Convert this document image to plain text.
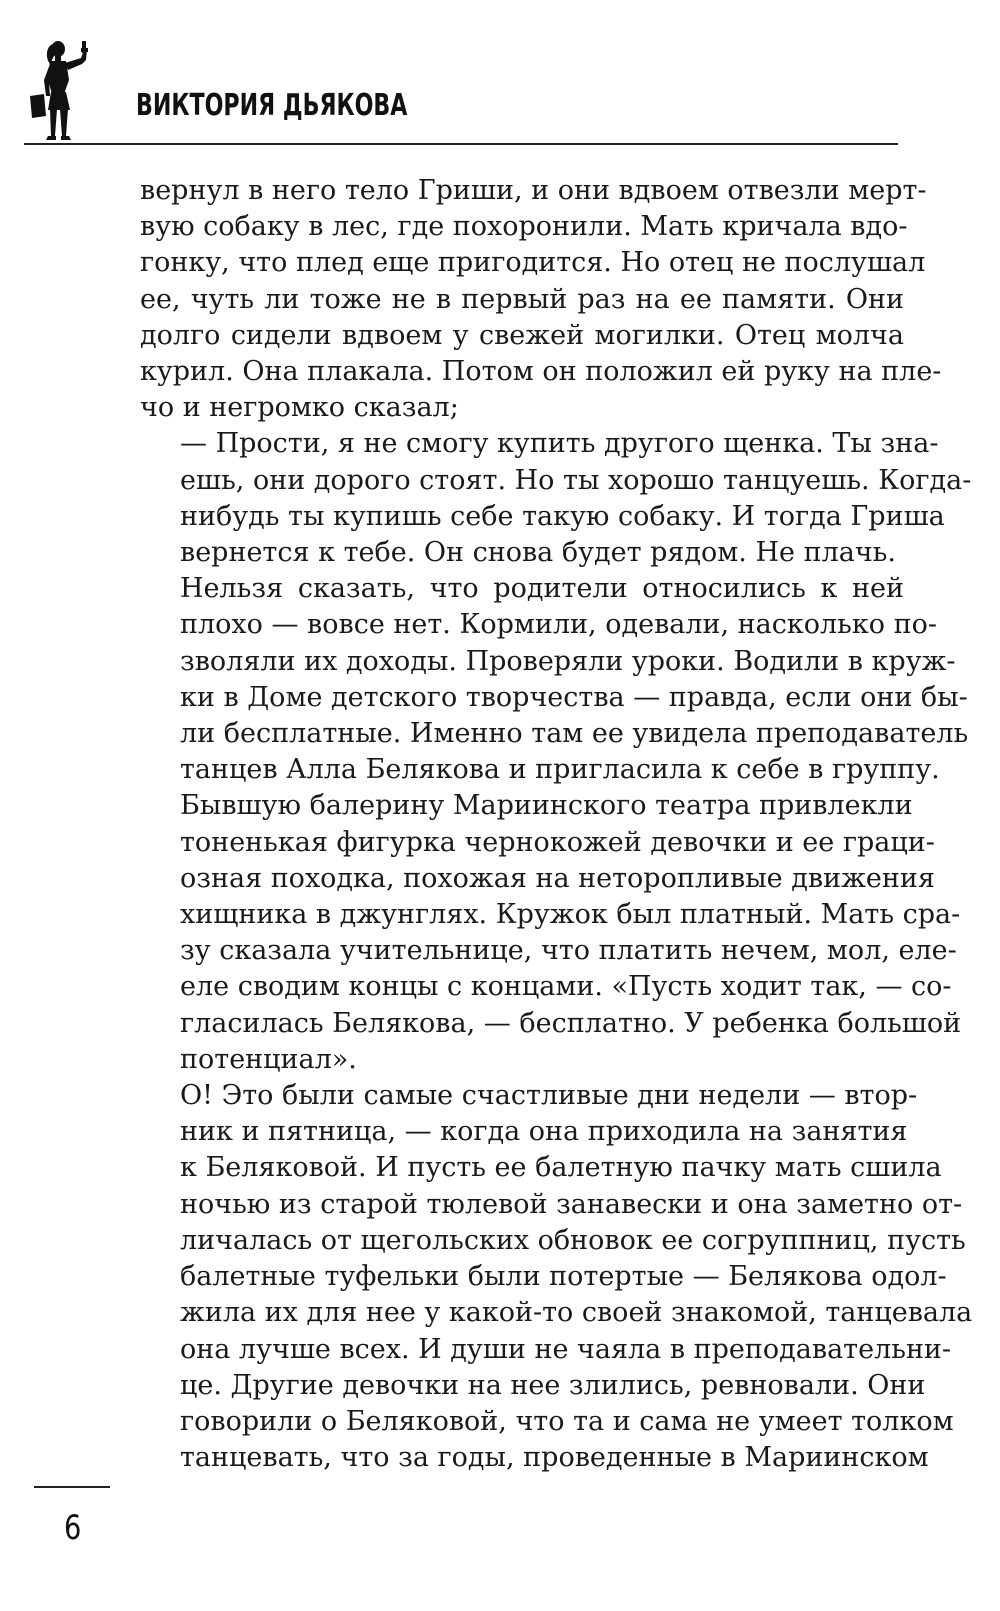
ВИКТОРИЯ ДЬЯКОВА

вернул в него тело Гриши, и они вдвоем отвезли мерт-
вую собаку в лес, где похоронили. Мать кричала вдо-
гонку, что плед еще пригодится. Но отец не послушал
ее, чуть ли тоже не в первый раз на ее памяти. Они
долго сидели вдвоем у свежей могилки. Отец молча
курил. Она плакала. Потом он положил ей руку на пле-
чо и негромко сказал;

— Прости, я не смогу купить другого щенка. Ты зна-
ешь, они дорого стоят. Но ты хорошо танцуешь. Когда-
нибудь ты купишь себе такую собаку. И тогда Гриша
вернется к тебе. Он снова будет рядом. Не плачь.

Нельзя сказать, что родители относились к ней
плохо — вовсе нет. Кормили, одевали, насколько по-
зволяли их доходы. Проверяли уроки. Водили в круж-
ки в Доме детского творчества — правда, если они бы-
ли бесплатные. Именно там ее увидела преподаватель
танцев Алла Белякова и пригласила к себе в группу.
Бывшую балерину Мариинского театра привлекли
тоненькая фигурка чернокожей девочки и ее граци-
озная походка, похожая на неторопливые движения
хищника в джунглях. Кружок был платный. Мать сра-
зу сказала учительнице, что платить нечем, мол, еле-
еле сводим концы с концами. «Пусть ходит так, — со-
гласилась Белякова, — бесплатно. У ребенка большой
потенциал».

О! Это были самые счастливые дни недели — втор-
ник и пятница, — когда она приходила на занятия
к Беляковой. И пусть ее балетную пачку мать сшила
ночью из старой тюлевой занавески и она заметно от-
личалась от щегольских обновок ее согруппниц, пусть
балетные туфельки были потертые — Белякова одол-
жила их для нее у какой-то своей знакомой, танцевала
она лучше всех. И души не чаяла в преподавательни-
це. Другие девочки на нее злились, ревновали. Они
говорили о Беляковой, что та и сама не умеет толком
танцевать, что за годы, проведенные в Мариинском

6
